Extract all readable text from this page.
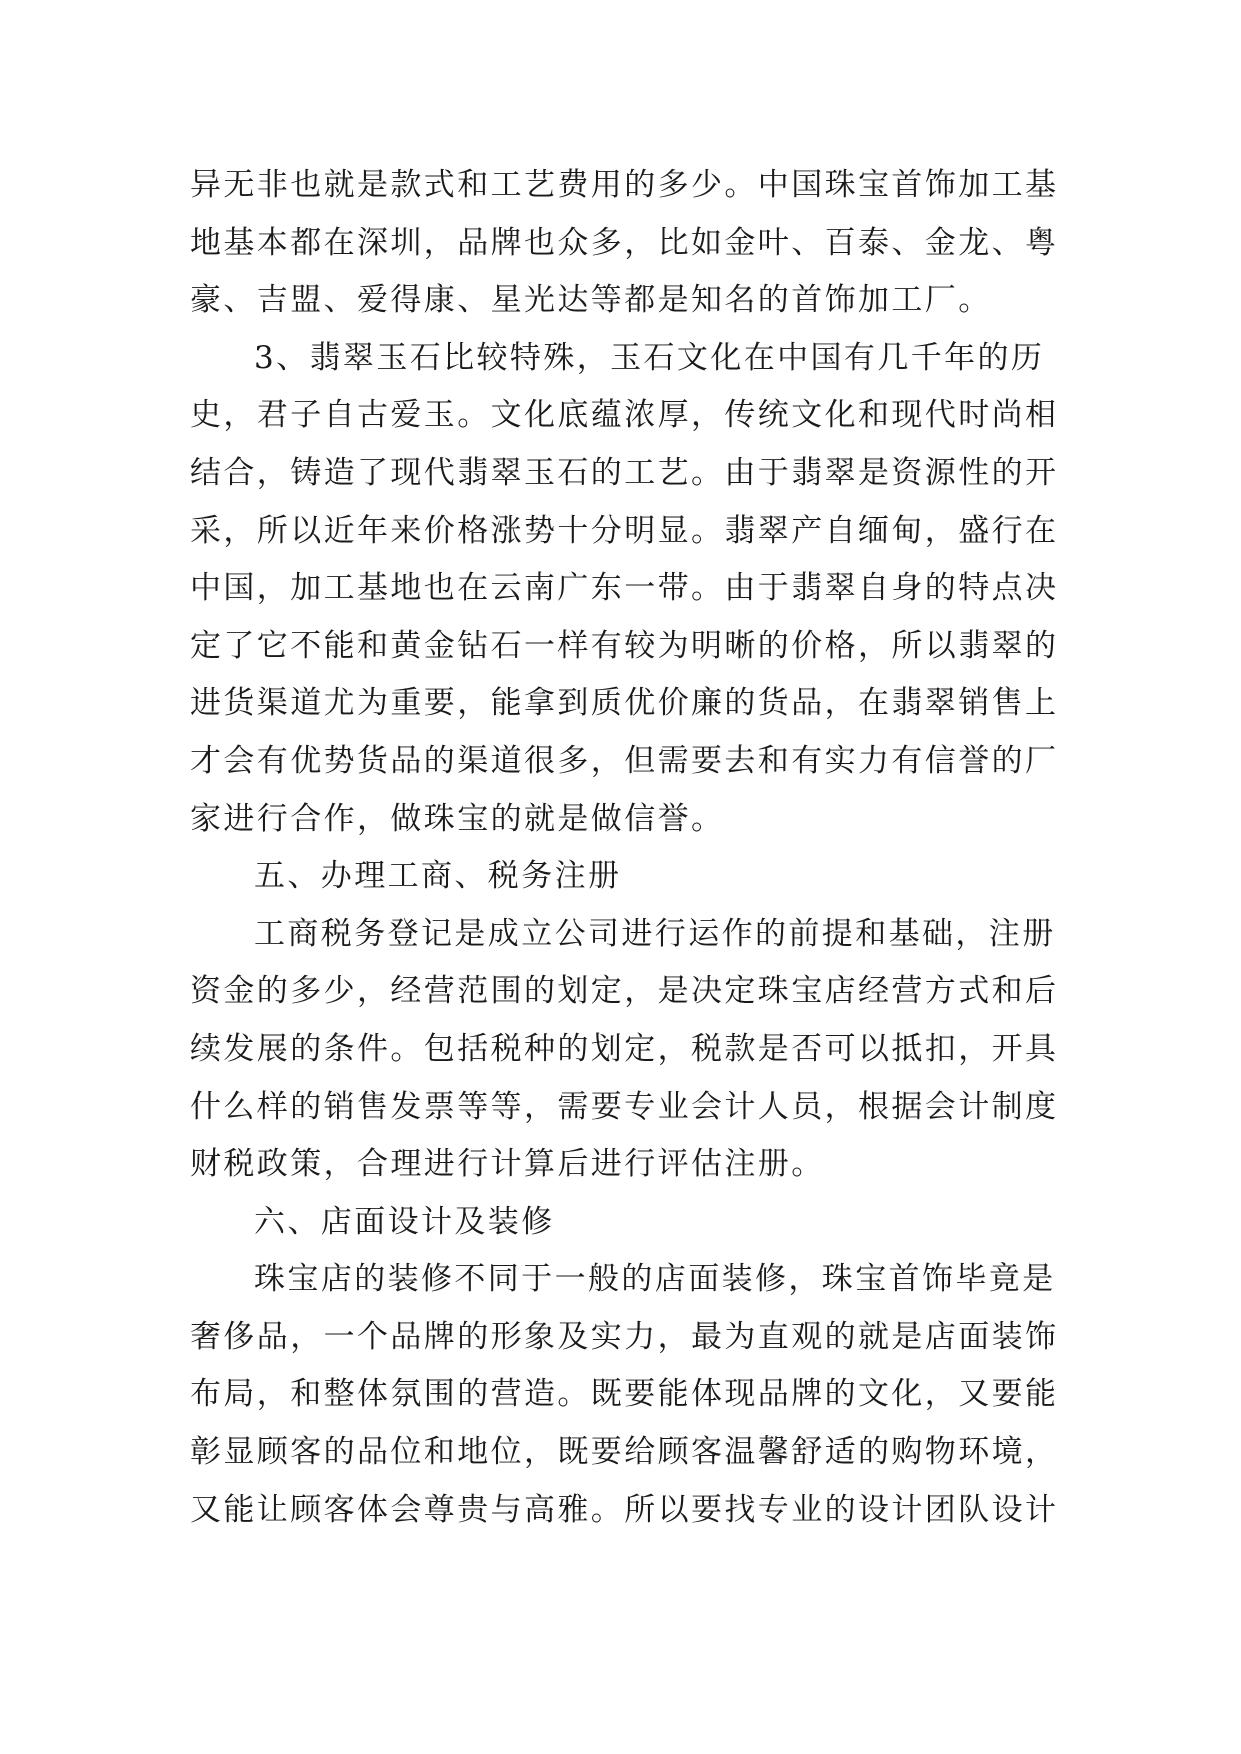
异无非也就是款式和工艺费用的多少。中国珠宝首饰加工基
地基本都在深圳，品牌也众多，比如金叶、百泰、金龙、粤
豪、吉盟、爱得康、星光达等都是知名的首饰加工厂。
3、翡翠玉石比较特殊，玉石文化在中国有几千年的历
史，君子自古爱玉。文化底蕴浓厚，传统文化和现代时尚相
结合，铸造了现代翡翠玉石的工艺。由于翡翠是资源性的开
采，所以近年来价格涨势十分明显。翡翠产自缅甸，盛行在
中国，加工基地也在云南广东一带。由于翡翠自身的特点决
定了它不能和黄金钻石一样有较为明晰的价格，所以翡翠的
进货渠道尤为重要，能拿到质优价廉的货品，在翡翠销售上
才会有优势货品的渠道很多，但需要去和有实力有信誉的厂
家进行合作，做珠宝的就是做信誉。
五、办理工商、税务注册
工商税务登记是成立公司进行运作的前提和基础，注册
资金的多少，经营范围的划定，是决定珠宝店经营方式和后
续发展的条件。包括税种的划定，税款是否可以抵扣，开具
什么样的销售发票等等，需要专业会计人员，根据会计制度
财税政策，合理进行计算后进行评估注册。
六、店面设计及装修
珠宝店的装修不同于一般的店面装修，珠宝首饰毕竟是
奢侈品，一个品牌的形象及实力，最为直观的就是店面装饰
布局，和整体氛围的营造。既要能体现品牌的文化，又要能
彰显顾客的品位和地位，既要给顾客温馨舒适的购物环境，
又能让顾客体会尊贵与高雅。所以要找专业的设计团队设计
